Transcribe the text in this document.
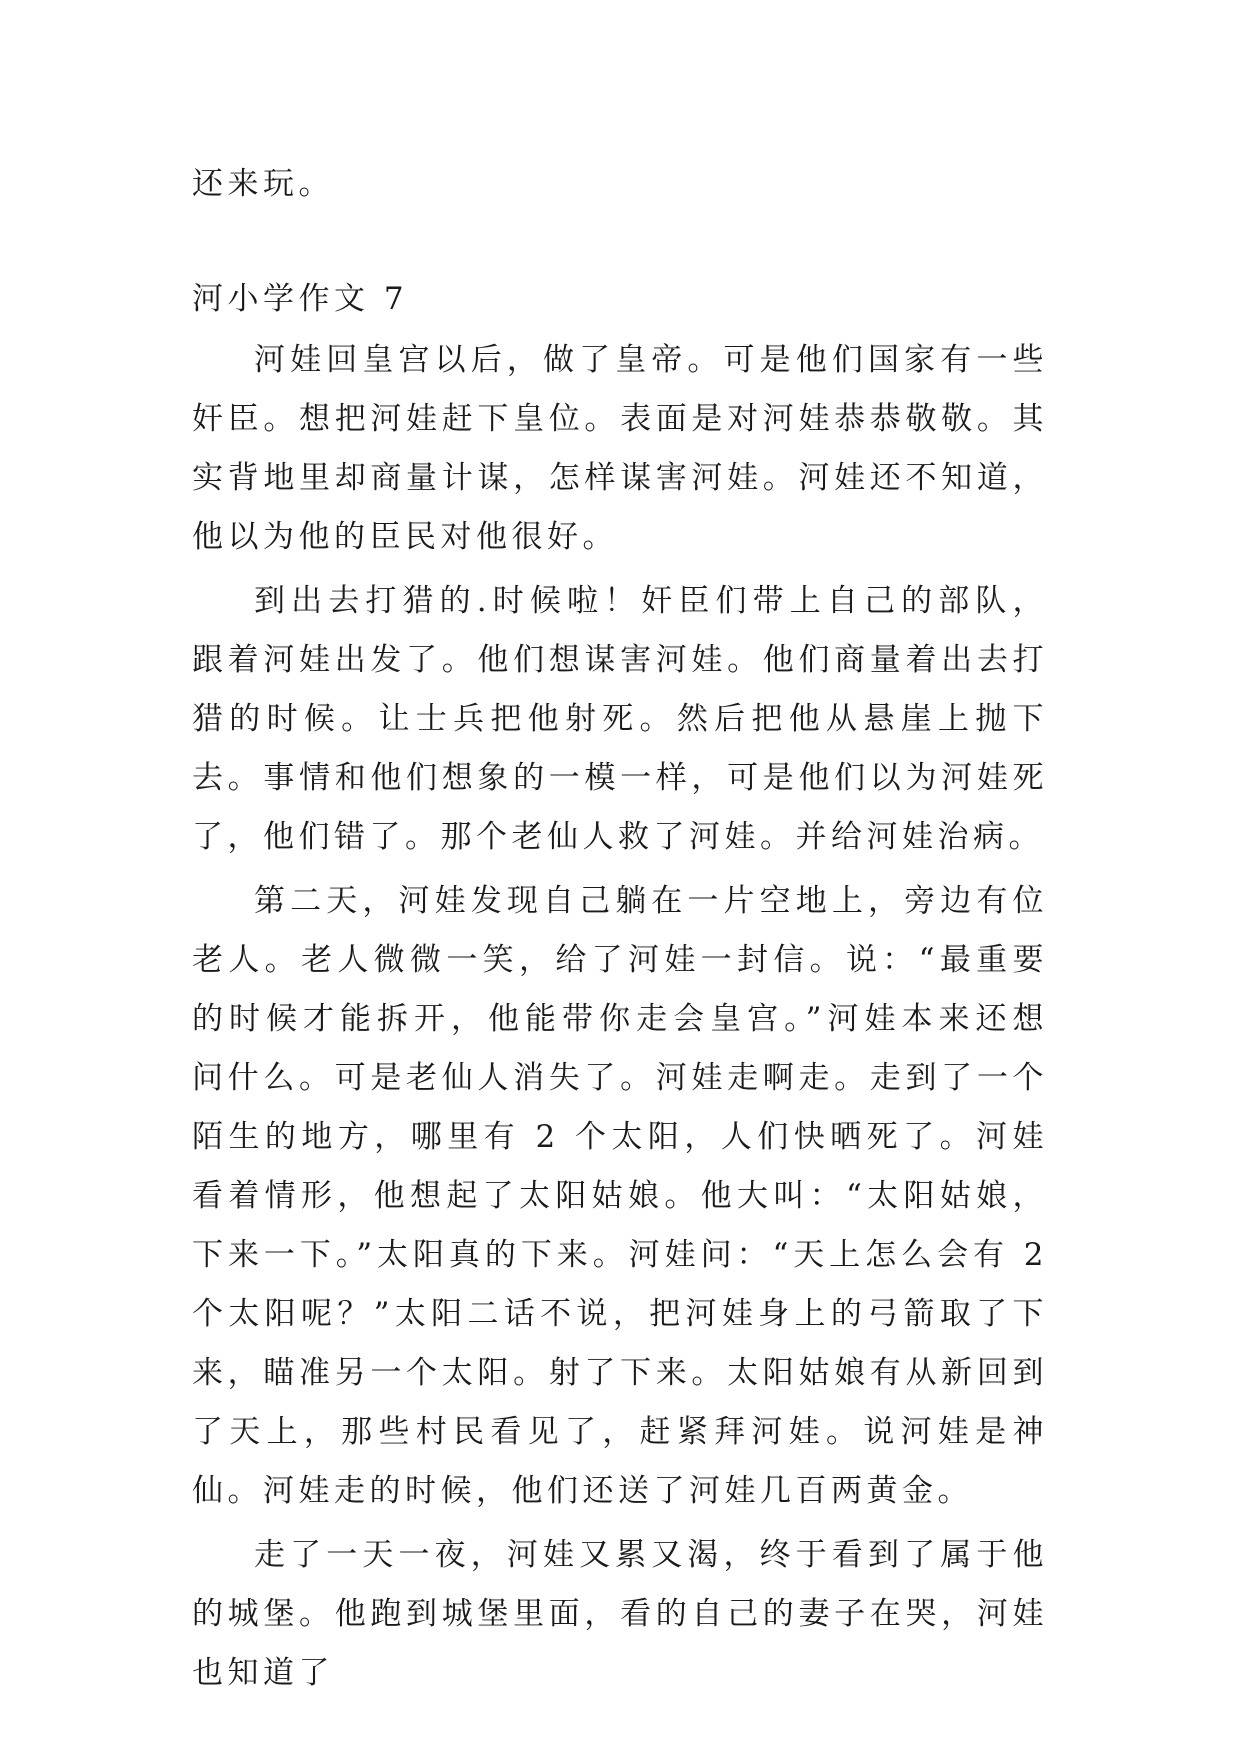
还来玩。
河小学作文 7

河娃回皇宫以后，做了皇帝。可是他们国家有一些奸臣。想把河娃赶下皇位。表面是对河娃恭恭敬敬。其实背地里却商量计谋，怎样谋害河娃。河娃还不知道，他以为他的臣民对他很好。

到出去打猎的.时候啦！奸臣们带上自己的部队，跟着河娃出发了。他们想谋害河娃。他们商量着出去打猎的时候。让士兵把他射死。然后把他从悬崖上抛下去。事情和他们想象的一模一样，可是他们以为河娃死了，他们错了。那个老仙人救了河娃。并给河娃治病。

第二天，河娃发现自己躺在一片空地上，旁边有位老人。老人微微一笑，给了河娃一封信。说：“最重要的时候才能拆开，他能带你走会皇宫。”河娃本来还想问什么。可是老仙人消失了。河娃走啊走。走到了一个陌生的地方，哪里有 2 个太阳，人们快晒死了。河娃看着情形，他想起了太阳姑娘。他大叫：“太阳姑娘，下来一下。”太阳真的下来。河娃问：“天上怎么会有 2 个太阳呢？”太阳二话不说，把河娃身上的弓箭取了下来，瞄准另一个太阳。射了下来。太阳姑娘有从新回到了天上，那些村民看见了，赶紧拜河娃。说河娃是神仙。河娃走的时候，他们还送了河娃几百两黄金。

走了一天一夜，河娃又累又渴，终于看到了属于他的城堡。他跑到城堡里面，看的自己的妻子在哭，河娃也知道了
